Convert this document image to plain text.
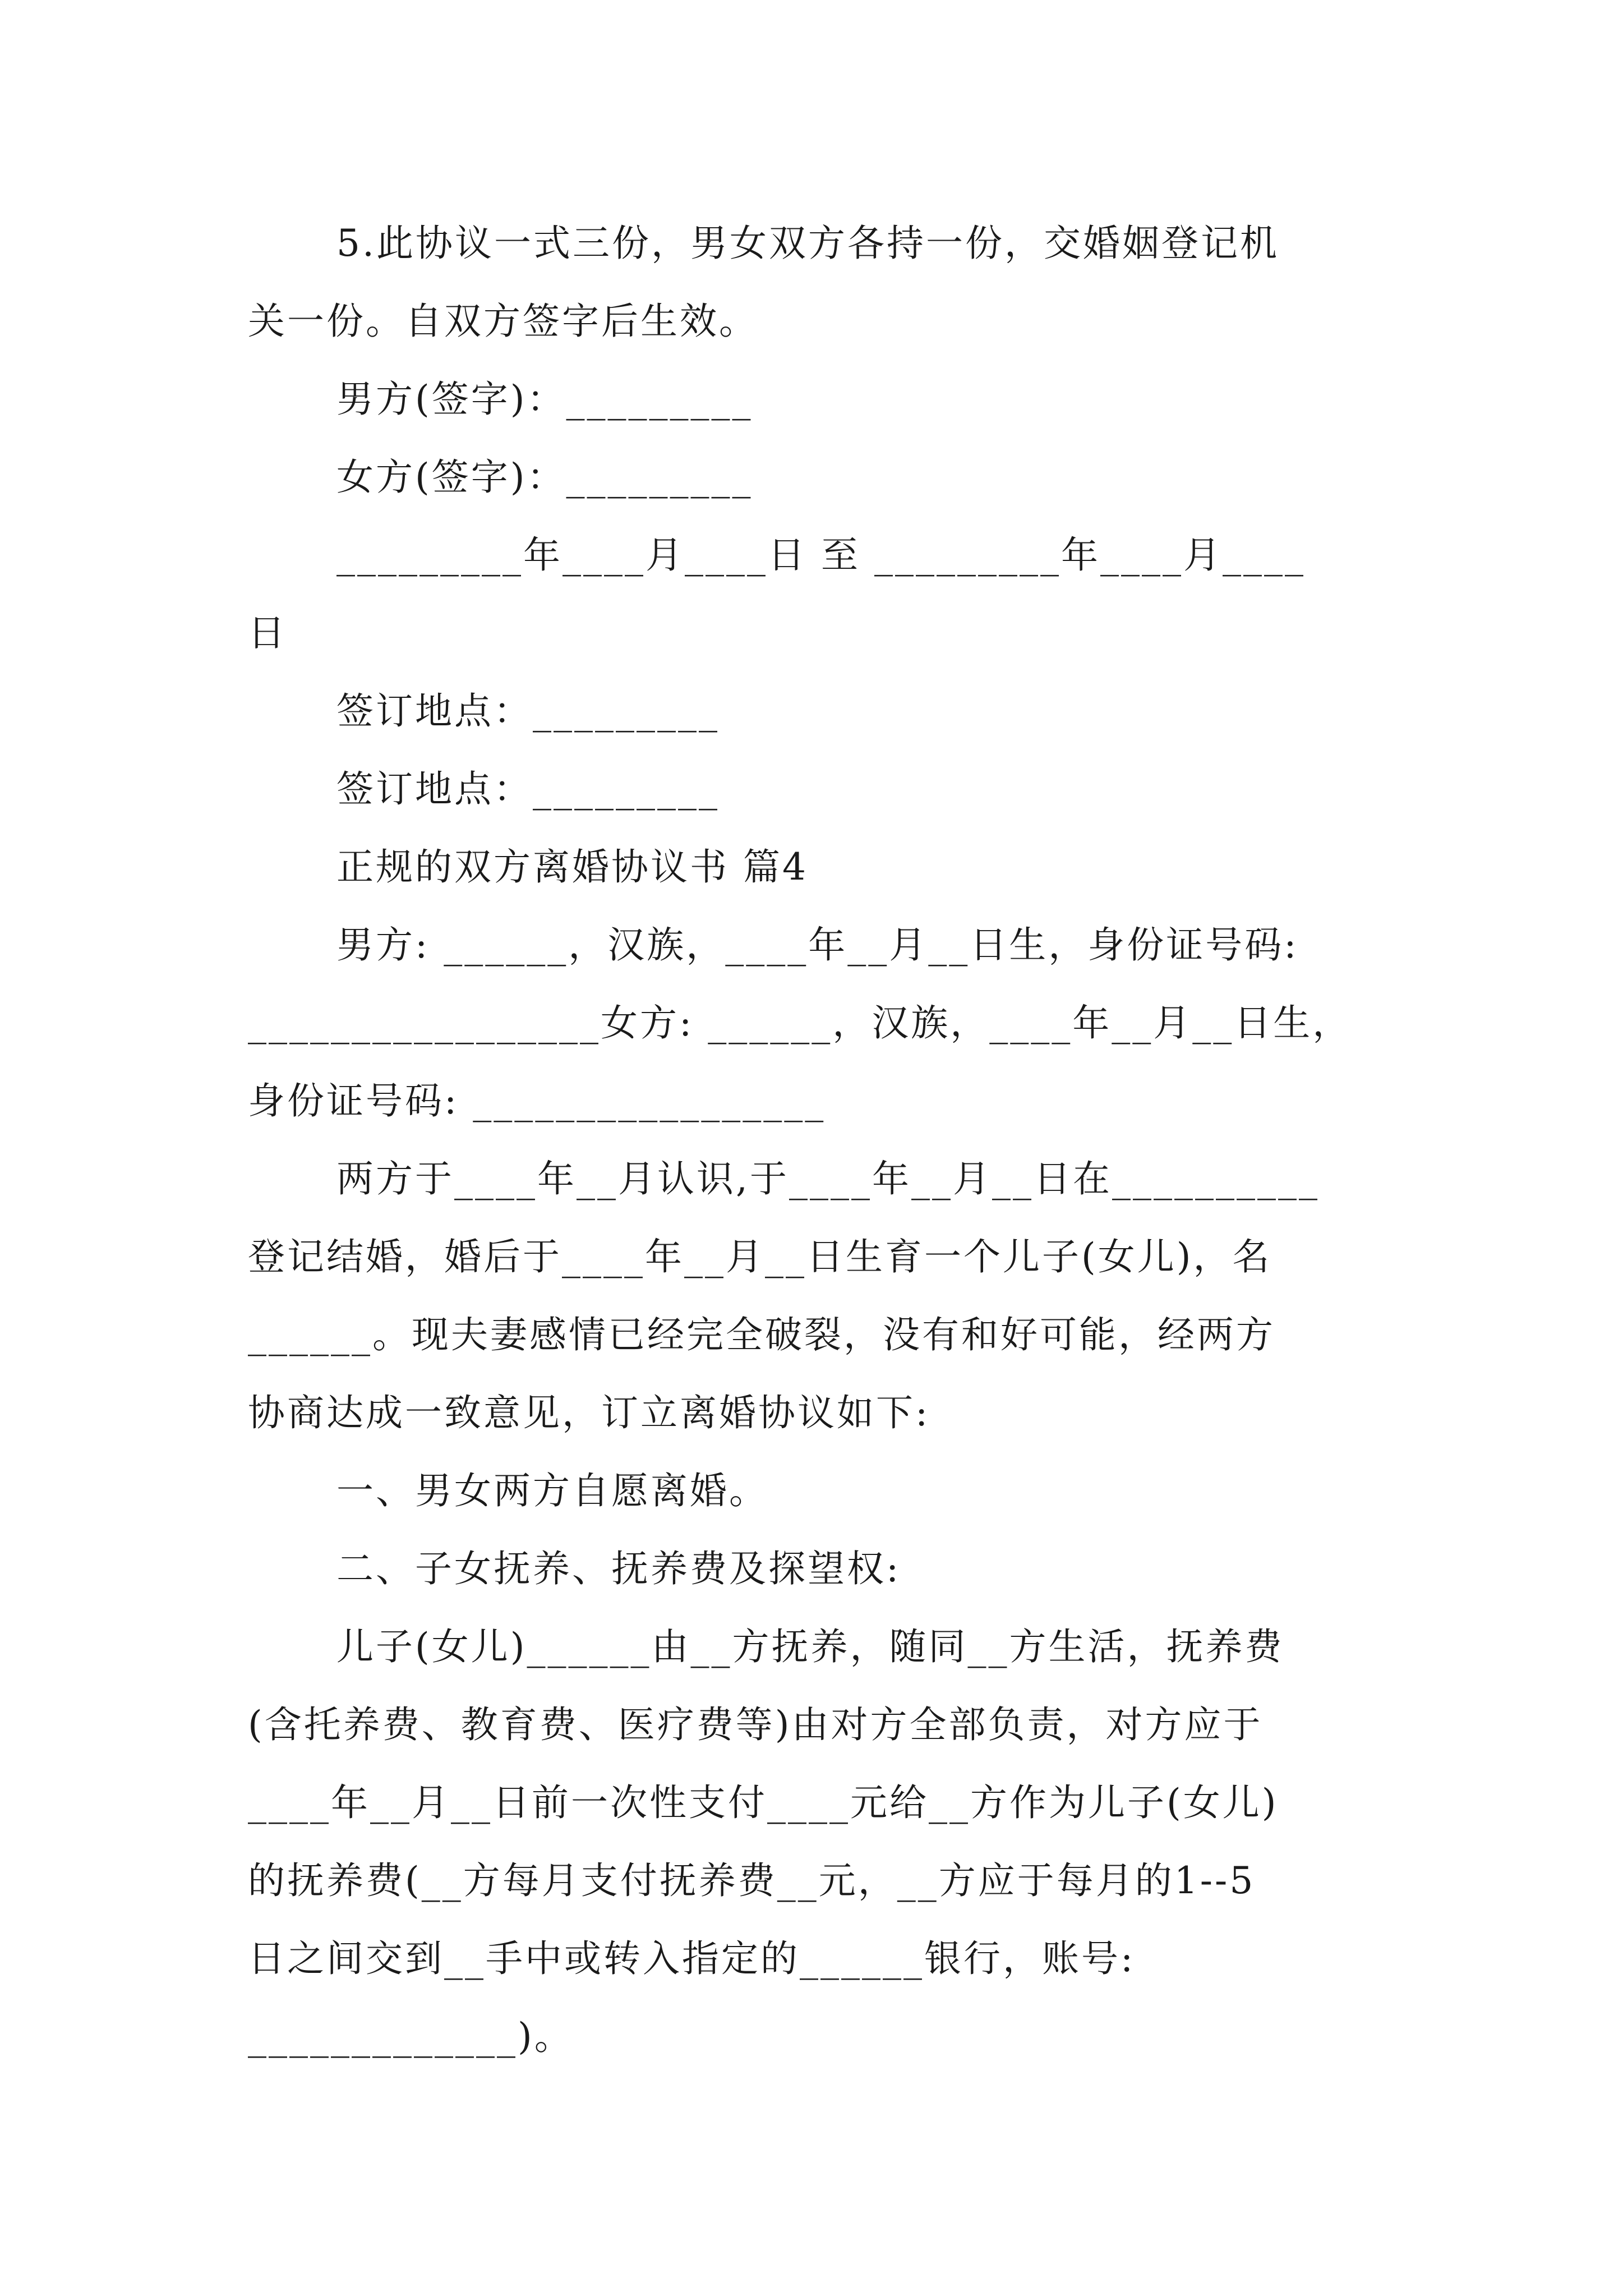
5.此协议一式三份，男女双方各持一份，交婚姻登记机
关一份。自双方签字后生效。
男方(签字)：_________
女方(签字)：_________
_________年____月____日 至 _________年____月____
日
签订地点：_________
签订地点：_________
正规的双方离婚协议书 篇4
男方: ______，汉族，____年__月__日生，身份证号码:
_________________女方: ______，汉族，____年__月__日生，
身份证号码: _________________
两方于____年__月认识,于____年__月__日在__________
登记结婚，婚后于____年__月__日生育一个儿子(女儿)，名
______。现夫妻感情已经完全破裂，没有和好可能，经两方
协商达成一致意见，订立离婚协议如下:
一、男女两方自愿离婚。
二、子女抚养、抚养费及探望权:
儿子(女儿)______由__方抚养，随同__方生活，抚养费
(含托养费、教育费、医疗费等)由对方全部负责，对方应于
____年__月__日前一次性支付____元给__方作为儿子(女儿)
的抚养费(__方每月支付抚养费__元，__方应于每月的1--5
日之间交到__手中或转入指定的______银行，账号:
_____________)。
